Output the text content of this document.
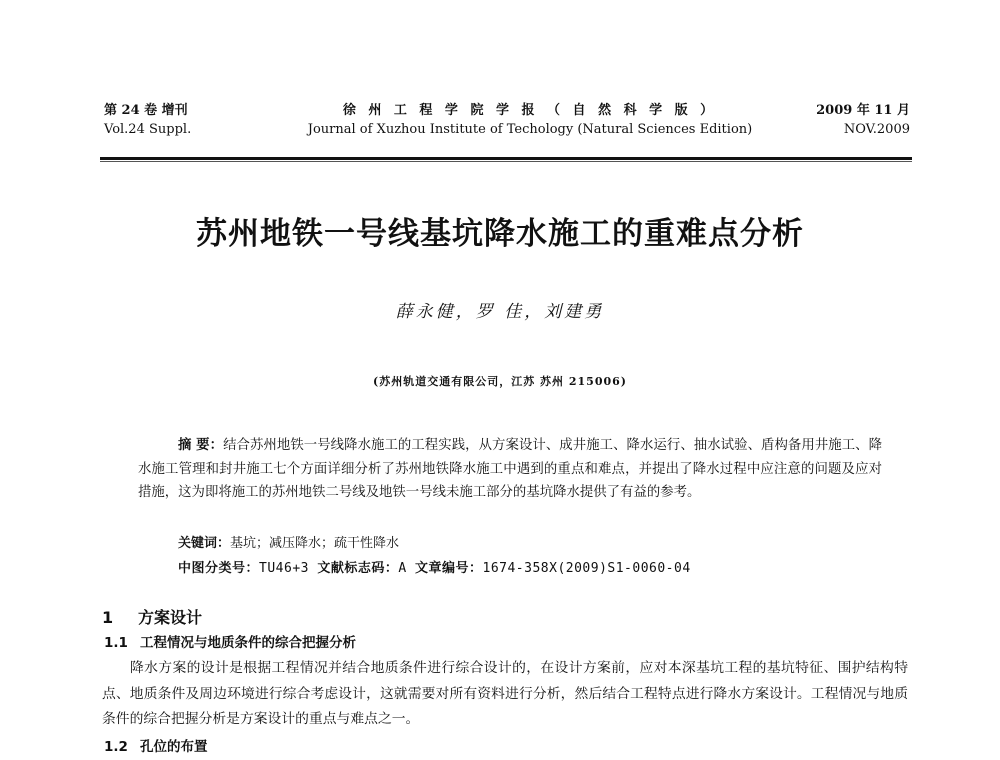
第 24 卷 增刊
Vol.24 Suppl.
徐 州 工 程 学 院 学 报 （ 自 然 科 学 版 ）
Journal of Xuzhou Institute of Techology (Natural Sciences Edition)
2009 年 11 月
NOV.2009
苏州地铁一号线基坑降水施工的重难点分析
薛永健，罗 佳，刘建勇
(苏州轨道交通有限公司，江苏 苏州 215006)
摘 要：结合苏州地铁一号线降水施工的工程实践，从方案设计、成井施工、降水运行、抽水试验、盾构备用井施工、降水施工管理和封井施工七个方面详细分析了苏州地铁降水施工中遇到的重点和难点，并提出了降水过程中应注意的问题及应对措施，这为即将施工的苏州地铁二号线及地铁一号线未施工部分的基坑降水提供了有益的参考。
关键词：基坑；减压降水；疏干性降水
中图分类号：TU46+3 文献标志码：A 文章编号：1674-358X(2009)S1-0060-04
1 方案设计
1.1 工程情况与地质条件的综合把握分析
降水方案的设计是根据工程情况并结合地质条件进行综合设计的，在设计方案前，应对本深基坑工程的基坑特征、围护结构特点、地质条件及周边环境进行综合考虑设计，这就需要对所有资料进行分析，然后结合工程特点进行降水方案设计。工程情况与地质条件的综合把握分析是方案设计的重点与难点之一。
1.2 孔位的布置
